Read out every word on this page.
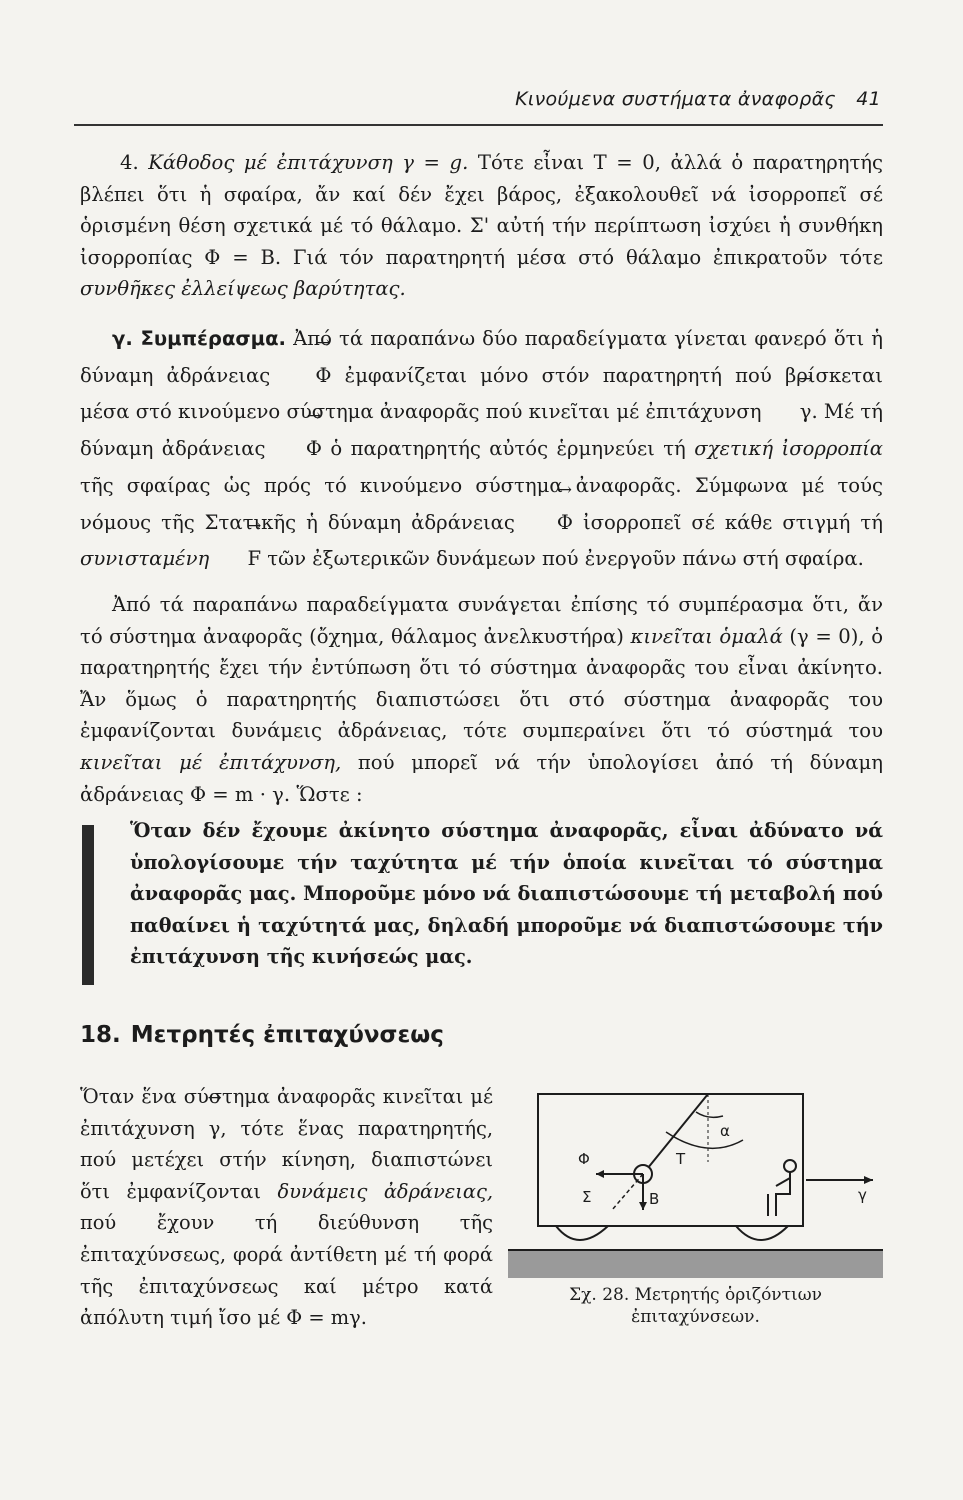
Κινούμενα συστήματα ἀναφορᾶς 41
4. Κάθοδος μέ ἐπιτάχυνση γ = g. Τότε εἶναι Τ = 0, ἀλλά ὁ παρατηρητής βλέπει ὅτι ἡ σφαίρα, ἄν καί δέν ἔχει βάρος, ἐξακολουθεῖ νά ἰσορροπεῖ σέ ὁρισμένη θέση σχετικά μέ τό θάλαμο. Σ' αὐτή τήν περίπτωση ἰσχύει ἡ συνθήκη ἰσορροπίας Φ = Β. Γιά τόν παρατηρητή μέσα στό θάλαμο ἐπικρατοῦν τότε συνθῆκες ἐλλείψεως βαρύτητας.
γ. Συμπέρασμα. Ἀπό τά παραπάνω δύο παραδείγματα γίνεται φανερό ὅτι ἡ δύναμη ἀδράνειας → Φ ἐμφανίζεται μόνο στόν παρατηρητή πού βρίσκεται μέσα στό κινούμενο σύστημα ἀναφορᾶς πού κινεῖται μέ ἐπιτάχυνση → γ. Μέ τή δύναμη ἀδράνειας → Φ ὁ παρατηρητής αὐτός ἑρμηνεύει τή σχετική ἰσορροπία τῆς σφαίρας ὡς πρός τό κινούμενο σύστημα ἀναφορᾶς. Σύμφωνα μέ τούς νόμους τῆς Στατικῆς ἡ δύναμη ἀδράνειας → Φ ἰσορροπεῖ σέ κάθε στιγμή τή συνισταμένη → F τῶν ἐξωτερικῶν δυνάμεων πού ἐνεργοῦν πάνω στή σφαίρα.
Ἀπό τά παραπάνω παραδείγματα συνάγεται ἐπίσης τό συμπέρασμα ὅτι, ἄν τό σύστημα ἀναφορᾶς (ὄχημα, θάλαμος ἀνελκυστήρα) κινεῖται ὁμαλά (γ = 0), ὁ παρατηρητής ἔχει τήν ἐντύπωση ὅτι τό σύστημα ἀναφορᾶς του εἶναι ἀκίνητο. Ἄν ὅμως ὁ παρατηρητής διαπιστώσει ὅτι στό σύστημα ἀναφορᾶς του ἐμφανίζονται δυνάμεις ἀδράνειας, τότε συμπεραίνει ὅτι τό σύστημά του κινεῖται μέ ἐπιτάχυνση, πού μπορεῖ νά τήν ὑπολογίσει ἀπό τή δύναμη ἀδράνειας Φ = m · γ. Ὥστε :
Ὅταν δέν ἔχουμε ἀκίνητο σύστημα ἀναφορᾶς, εἶναι ἀδύνατο νά ὑπολογίσουμε τήν ταχύτητα μέ τήν ὁποία κινεῖται τό σύστημα ἀναφορᾶς μας. Μποροῦμε μόνο νά διαπιστώσουμε τή μεταβολή πού παθαίνει ἡ ταχύτητά μας, δηλαδή μποροῦμε νά διαπιστώσουμε τήν ἐπιτάχυνση τῆς κινήσεώς μας.
18. Μετρητές ἐπιταχύνσεως
Ὅταν ἕνα σύστημα ἀναφορᾶς κινεῖται μέ ἐπιτάχυνση → γ, τότε ἕνας παρατηρητής, πού μετέχει στήν κίνηση, διαπιστώνει ὅτι ἐμφανίζονται δυνάμεις ἀδράνειας, πού ἔχουν τή διεύθυνση τῆς ἐπιταχύνσεως, φορά ἀντίθετη μέ τή φορά τῆς ἐπιταχύνσεως καί μέτρο κατά ἀπόλυτη τιμή ἴσο μέ Φ = mγ.
Φ
Σ
T
B
α
γ
Σχ. 28. Μετρητής ὁριζόντιων ἐπιταχύνσεων.
